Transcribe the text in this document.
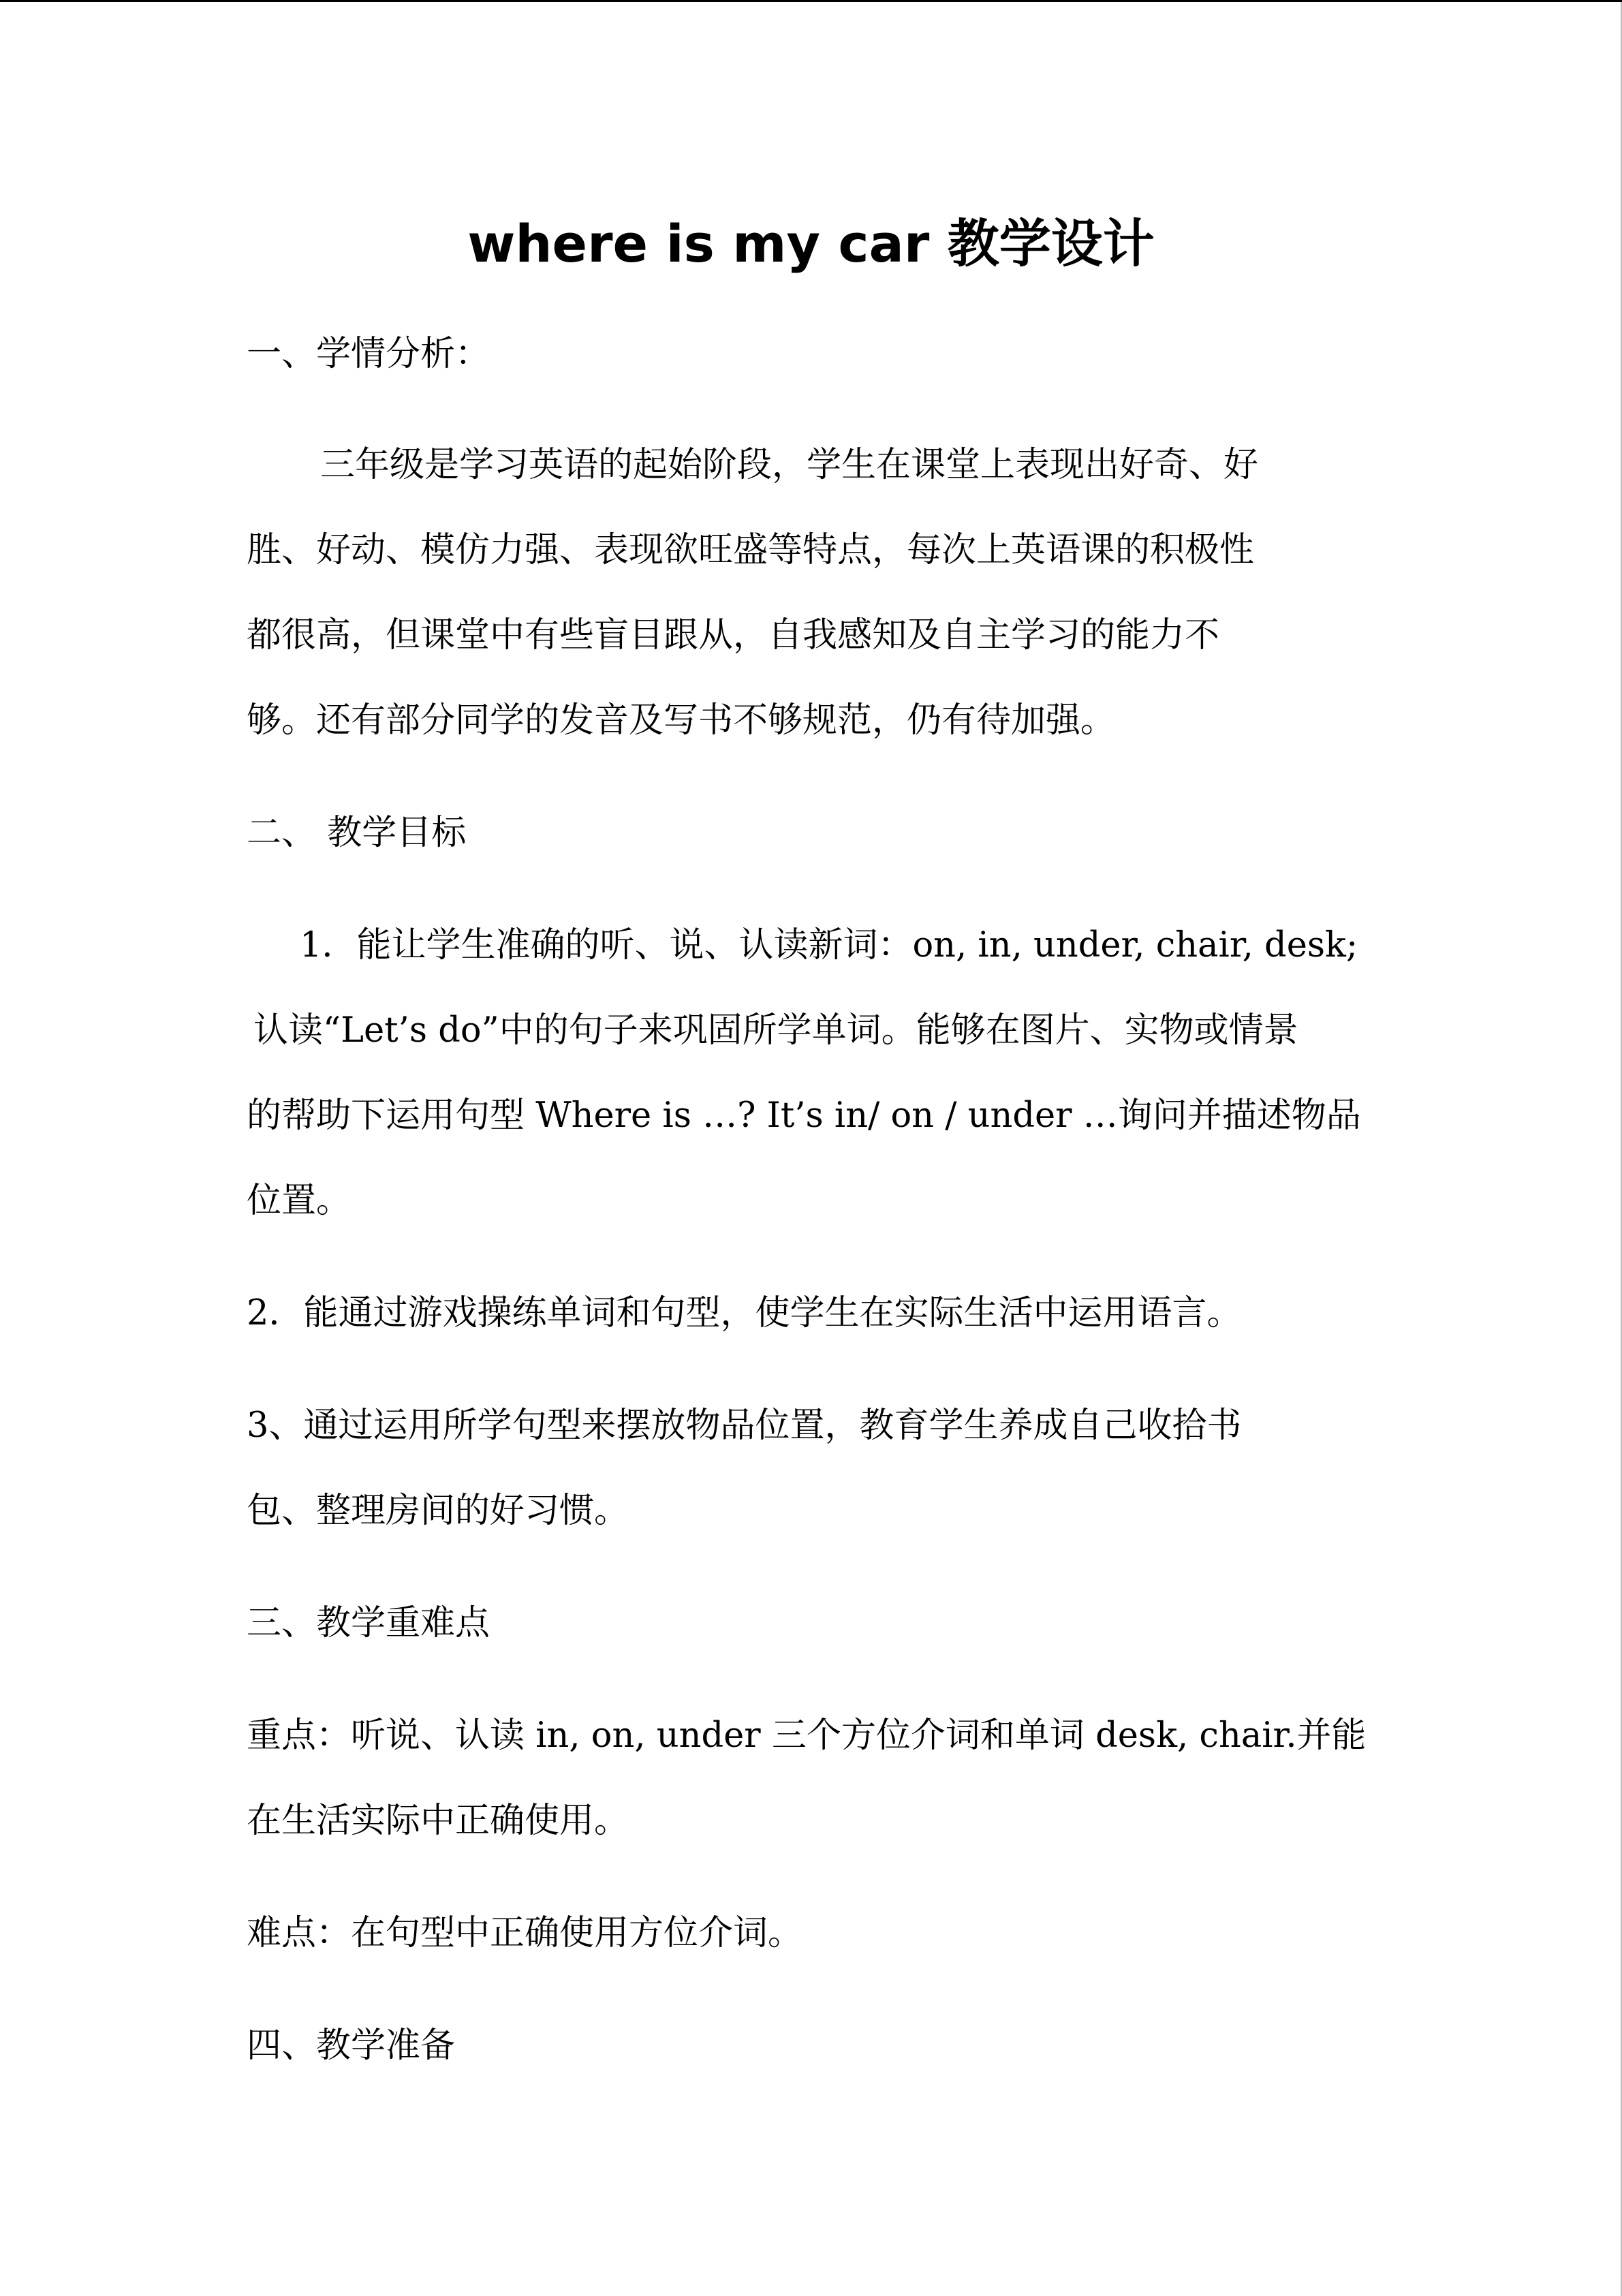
where is my car 教学设计
一、学情分析：
三年级是学习英语的起始阶段，学生在课堂上表现出好奇、好
胜、好动、模仿力强、表现欲旺盛等特点，每次上英语课的积极性
都很高，但课堂中有些盲目跟从，自我感知及自主学习的能力不
够。还有部分同学的发音及写书不够规范，仍有待加强。
二、 教学目标
1．能让学生准确的听、说、认读新词：on, in, under, chair, desk;
认读“Let’s do”中的句子来巩固所学单词。能够在图片、实物或情景
的帮助下运用句型 Where is …? It’s in/ on / under …询问并描述物品
位置。
2．能通过游戏操练单词和句型，使学生在实际生活中运用语言。
3、通过运用所学句型来摆放物品位置，教育学生养成自己收拾书
包、整理房间的好习惯。
三、教学重难点
重点：听说、认读 in, on, under 三个方位介词和单词 desk, chair.并能
在生活实际中正确使用。
难点：在句型中正确使用方位介词。
四、教学准备
